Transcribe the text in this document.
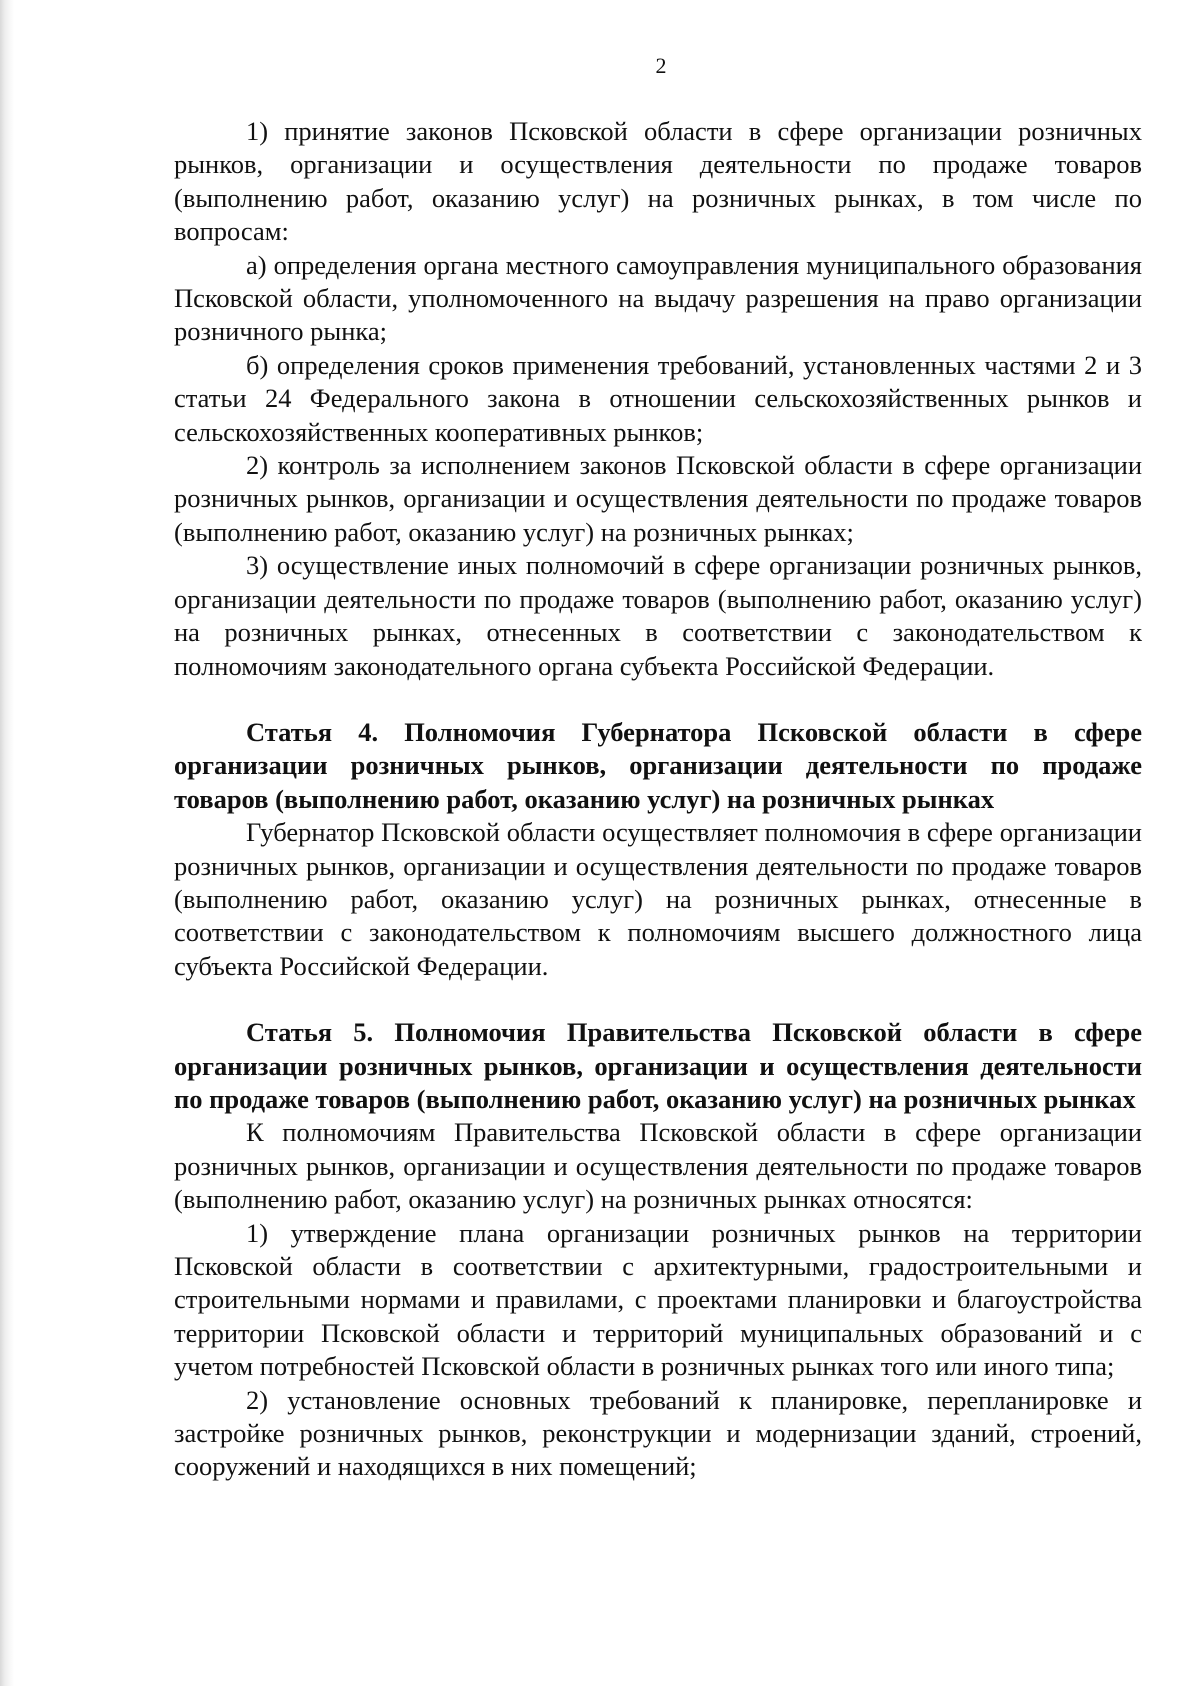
2

1) принятие законов Псковской области в сфере организации розничных рынков, организации и осуществления деятельности по продаже товаров (выполнению работ, оказанию услуг) на розничных рынках, в том числе по вопросам:

а) определения органа местного самоуправления муниципального образования Псковской области, уполномоченного на выдачу разрешения на право организации розничного рынка;

б) определения сроков применения требований, установленных частями 2 и 3 статьи 24 Федерального закона в отношении сельскохозяйственных рынков и сельскохозяйственных кооперативных рынков;

2) контроль за исполнением законов Псковской области в сфере организации розничных рынков, организации и осуществления деятельности по продаже товаров (выполнению работ, оказанию услуг) на розничных рынках;

3) осуществление иных полномочий в сфере организации розничных рынков, организации деятельности по продаже товаров (выполнению работ, оказанию услуг) на розничных рынках, отнесенных в соответствии с законодательством к полномочиям законодательного органа субъекта Российской Федерации.

Статья 4. Полномочия Губернатора Псковской области в сфере организации розничных рынков, организации деятельности по продаже товаров (выполнению работ, оказанию услуг) на розничных рынках

Губернатор Псковской области осуществляет полномочия в сфере организации розничных рынков, организации и осуществления деятельности по продаже товаров (выполнению работ, оказанию услуг) на розничных рынках, отнесенные в соответствии с законодательством к полномочиям высшего должностного лица субъекта Российской Федерации.

Статья 5. Полномочия Правительства Псковской области в сфере организации розничных рынков, организации и осуществления деятельности по продаже товаров (выполнению работ, оказанию услуг) на розничных рынках

К полномочиям Правительства Псковской области в сфере организации розничных рынков, организации и осуществления деятельности по продаже товаров (выполнению работ, оказанию услуг) на розничных рынках относятся:

1) утверждение плана организации розничных рынков на территории Псковской области в соответствии с архитектурными, градостроительными и строительными нормами и правилами, с проектами планировки и благоустройства территории Псковской области и территорий муниципальных образований и с учетом потребностей Псковской области в розничных рынках того или иного типа;

2) установление основных требований к планировке, перепланировке и застройке розничных рынков, реконструкции и модернизации зданий, строений, сооружений и находящихся в них помещений;
